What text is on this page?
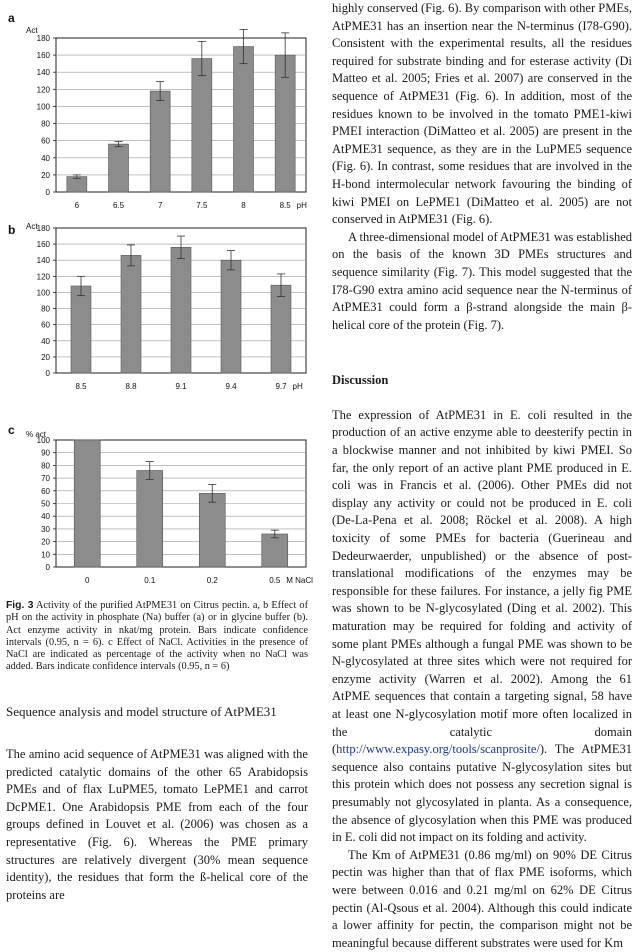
a
Act
0
20
40
60
80
100
120
140
160
180
6	6.5	7	7.5	8	8.5 pH
b Act
0
20
40
60
80
100
120
140
160
180
8.5	8.8	9.1	9.4	9.7 pH
c % act
0
10
20
30
40
50
60
70
80
90
100
0	0.1	0.2	0.5 M NaCl
Fig. 3 Activity of the purified AtPME31 on Citrus pectin. a, b Effect of pH on the activity in phosphate (Na) buffer (a) or in glycine buffer (b). Act enzyme activity in nkat/mg protein. Bars indicate confidence intervals (0.95, n = 6). c Effect of NaCl. Activities in the presence of NaCl are indicated as percentage of the activity when no NaCl was added. Bars indicate confidence intervals (0.95, n = 6)
Sequence analysis and model structure of AtPME31

The amino acid sequence of AtPME31 was aligned with the predicted catalytic domains of the other 65 Arabidopsis PMEs and of flax LuPME5, tomato LePME1 and carrot DcPME1. One Arabidopsis PME from each of the four groups defined in Louvet et al. (2006) was chosen as a representative (Fig. 6). Whereas the PME primary structures are relatively divergent (30% mean sequence identity), the residues that form the ß-helical core of the proteins are

highly conserved (Fig. 6). By comparison with other PMEs, AtPME31 has an insertion near the N-terminus (I78-G90). Consistent with the experimental results, all the residues required for substrate binding and for esterase activity (Di Matteo et al. 2005; Fries et al. 2007) are conserved in the sequence of AtPME31 (Fig. 6). In addition, most of the residues known to be involved in the tomato PME1-kiwi PMEI interaction (DiMatteo et al. 2005) are present in the AtPME31 sequence, as they are in the LuPME5 sequence (Fig. 6). In contrast, some residues that are involved in the H-bond intermolecular network favouring the binding of kiwi PMEI on LePME1 (DiMatteo et al. 2005) are not conserved in AtPME31 (Fig. 6).

A three-dimensional model of AtPME31 was established on the basis of the known 3D PMEs structures and sequence similarity (Fig. 7). This model suggested that the I78-G90 extra amino acid sequence near the N-terminus of AtPME31 could form a β-strand alongside the main β-helical core of the protein (Fig. 7).

Discussion

The expression of AtPME31 in E. coli resulted in the production of an active enzyme able to deesterify pectin in a blockwise manner and not inhibited by kiwi PMEI. So far, the only report of an active plant PME produced in E. coli was in Francis et al. (2006). Other PMEs did not display any activity or could not be produced in E. coli (De-La-Pena et al. 2008; Röckel et al. 2008). A high toxicity of some PMEs for bacteria (Guerineau and Dedeurwaerder, unpublished) or the absence of post-translational modifications of the enzymes may be responsible for these failures. For instance, a jelly fig PME was shown to be N-glycosylated (Ding et al. 2002). This maturation may be required for folding and activity of some plant PMEs although a fungal PME was shown to be N-glycosylated at three sites which were not required for enzyme activity (Warren et al. 2002). Among the 61 AtPME sequences that contain a targeting signal, 58 have at least one N-glycosylation motif more often localized in the catalytic domain (http://www.expasy.org/tools/scanprosite/). The AtPME31 sequence also contains putative N-glycosylation sites but this protein which does not possess any secretion signal is presumably not glycosylated in planta. As a consequence, the absence of glycosylation when this PME was produced in E. coli did not impact on its folding and activity.

The Km of AtPME31 (0.86 mg/ml) on 90% DE Citrus pectin was higher than that of flax PME isoforms, which were between 0.016 and 0.21 mg/ml on 62% DE Citrus pectin (Al-Qsous et al. 2004). Although this could indicate a lower affinity for pectin, the comparison might not be meaningful because different substrates were used for Km
